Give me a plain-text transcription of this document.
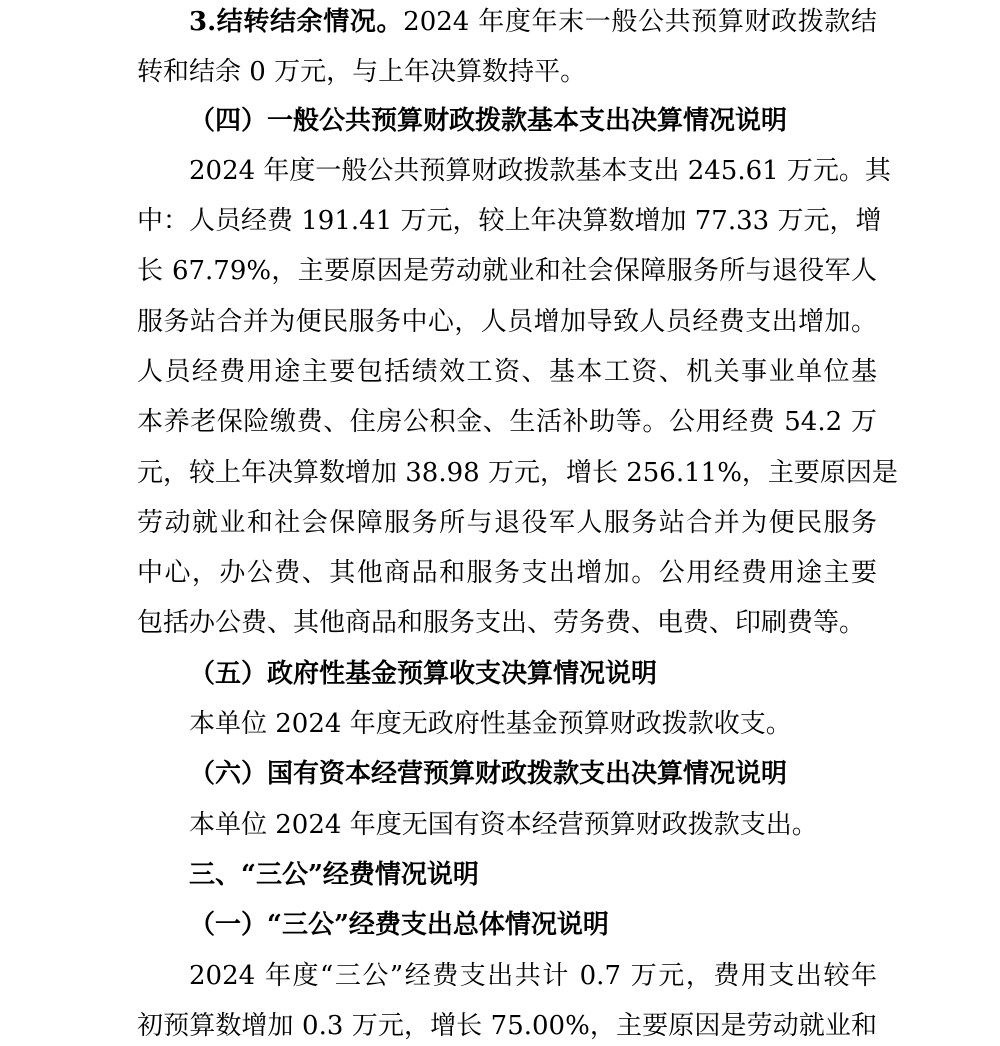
3.结转结余情况。2024 年度年末一般公共预算财政拨款结
转和结余 0 万元，与上年决算数持平。
（四）一般公共预算财政拨款基本支出决算情况说明
2024 年度一般公共预算财政拨款基本支出 245.61 万元。其
中：人员经费 191.41 万元，较上年决算数增加 77.33 万元，增
长 67.79%，主要原因是劳动就业和社会保障服务所与退役军人
服务站合并为便民服务中心，人员增加导致人员经费支出增加。
人员经费用途主要包括绩效工资、基本工资、机关事业单位基
本养老保险缴费、住房公积金、生活补助等。公用经费 54.2 万
元，较上年决算数增加 38.98 万元，增长 256.11%，主要原因是
劳动就业和社会保障服务所与退役军人服务站合并为便民服务
中心，办公费、其他商品和服务支出增加。公用经费用途主要
包括办公费、其他商品和服务支出、劳务费、电费、印刷费等。
（五）政府性基金预算收支决算情况说明
本单位 2024 年度无政府性基金预算财政拨款收支。
（六）国有资本经营预算财政拨款支出决算情况说明
本单位 2024 年度无国有资本经营预算财政拨款支出。
三、“三公”经费情况说明
（一）“三公”经费支出总体情况说明
2024 年度“三公”经费支出共计 0.7 万元，费用支出较年
初预算数增加 0.3 万元，增长 75.00%，主要原因是劳动就业和
